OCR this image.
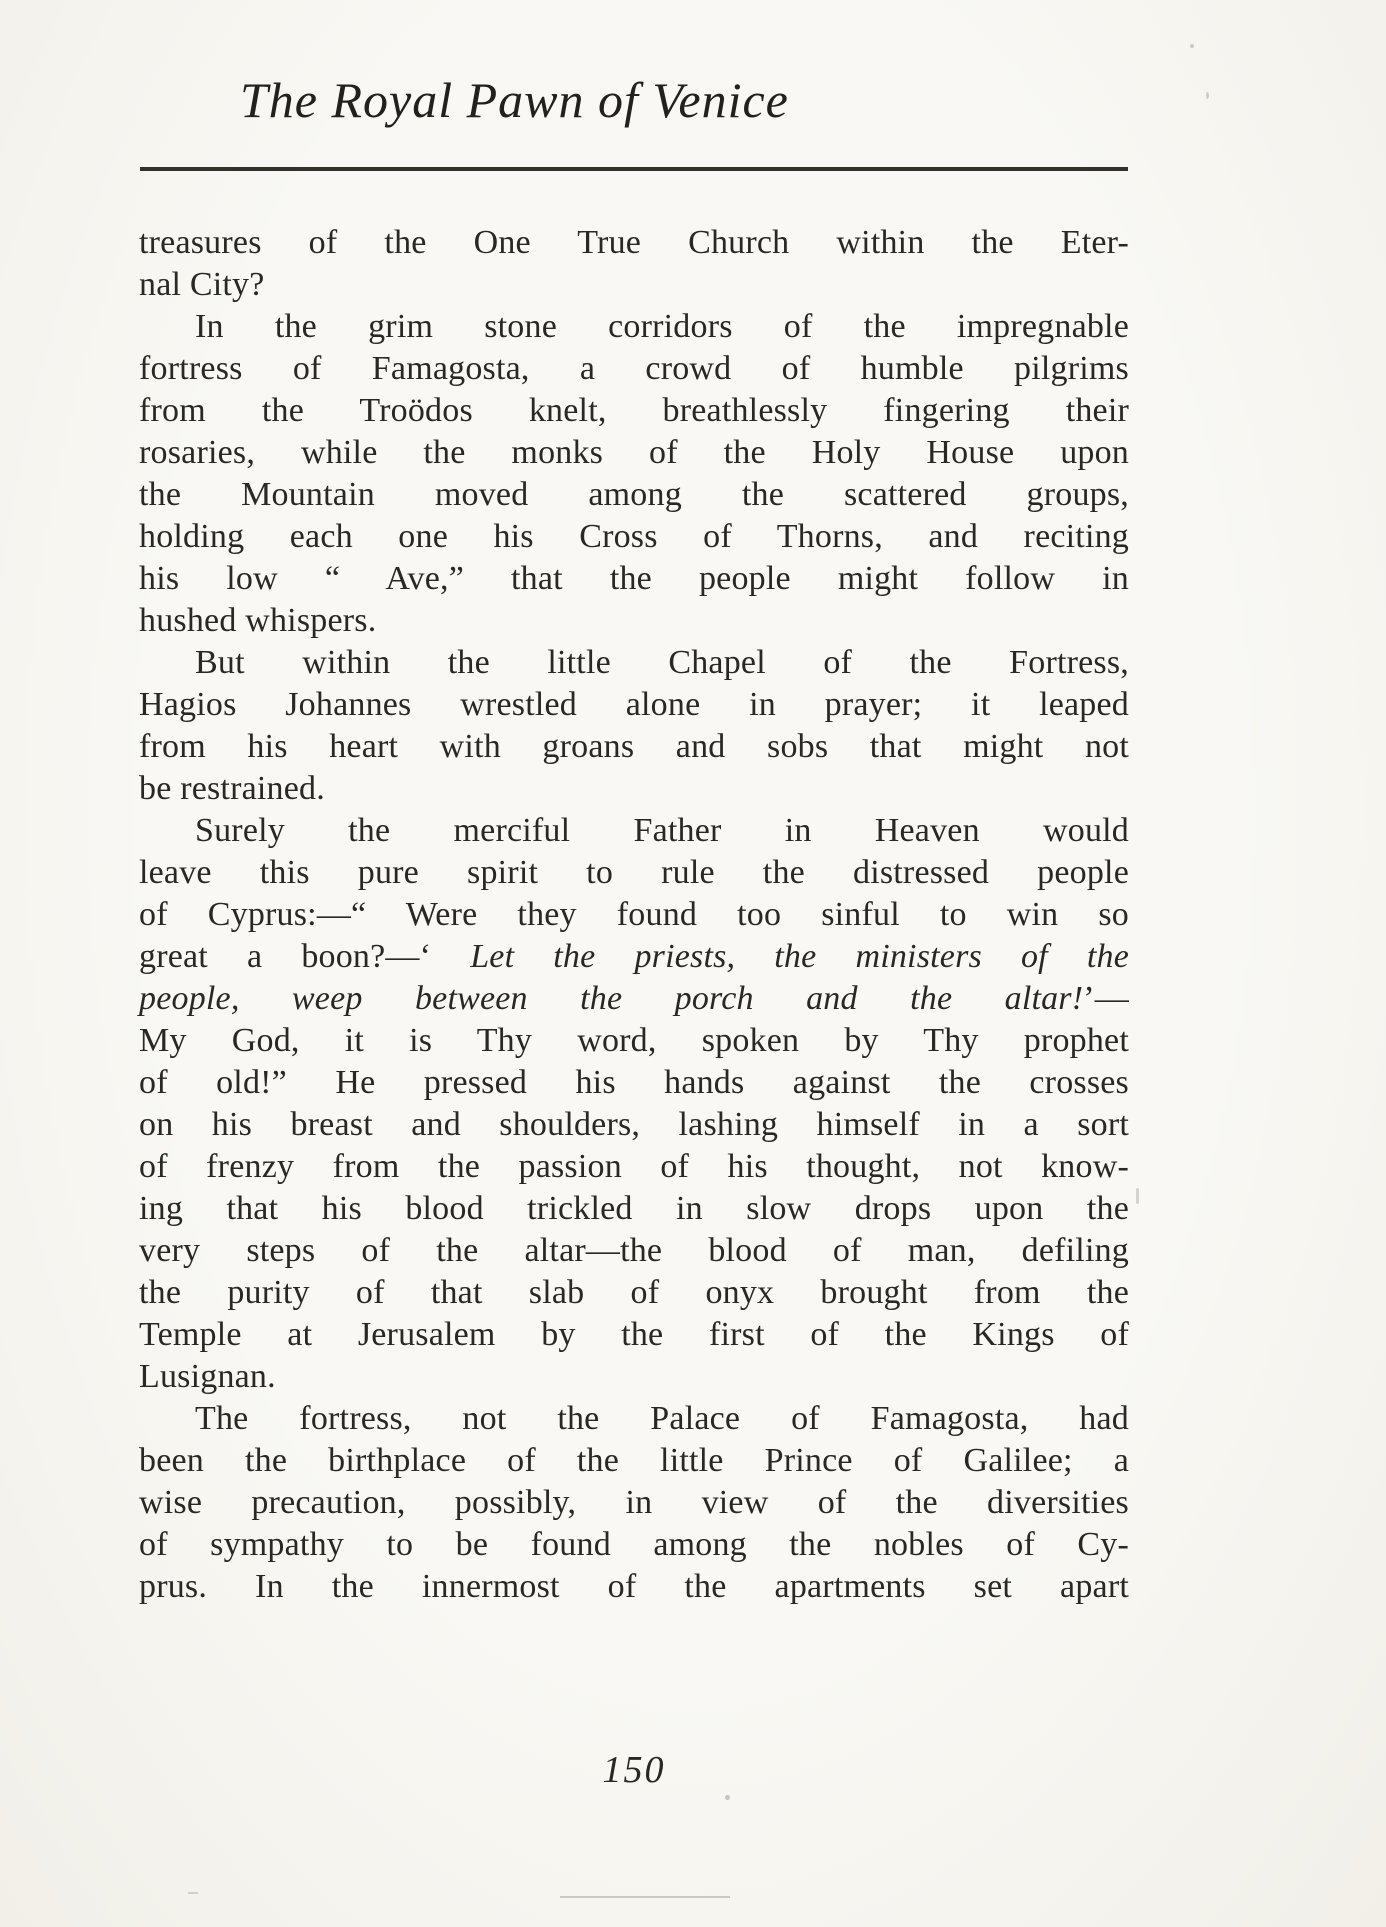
The Royal Pawn of Venice
treasures of the One True Church within the Eter-
nal City?
In the grim stone corridors of the impregnable
fortress of Famagosta, a crowd of humble pilgrims
from the Troödos knelt, breathlessly fingering their
rosaries, while the monks of the Holy House upon
the Mountain moved among the scattered groups,
holding each one his Cross of Thorns, and reciting
his low “ Ave,” that the people might follow in
hushed whispers.
But within the little Chapel of the Fortress,
Hagios Johannes wrestled alone in prayer; it leaped
from his heart with groans and sobs that might not
be restrained.
Surely the merciful Father in Heaven would
leave this pure spirit to rule the distressed people
of Cyprus:—“ Were they found too sinful to win so
great a boon?—‘ Let the priests, the ministers of the
people, weep between the porch and the altar!’—
My God, it is Thy word, spoken by Thy prophet
of old!” He pressed his hands against the crosses
on his breast and shoulders, lashing himself in a sort
of frenzy from the passion of his thought, not know-
ing that his blood trickled in slow drops upon the
very steps of the altar—the blood of man, defiling
the purity of that slab of onyx brought from the
Temple at Jerusalem by the first of the Kings of
Lusignan.
The fortress, not the Palace of Famagosta, had
been the birthplace of the little Prince of Galilee; a
wise precaution, possibly, in view of the diversities
of sympathy to be found among the nobles of Cy-
prus. In the innermost of the apartments set apart
150
